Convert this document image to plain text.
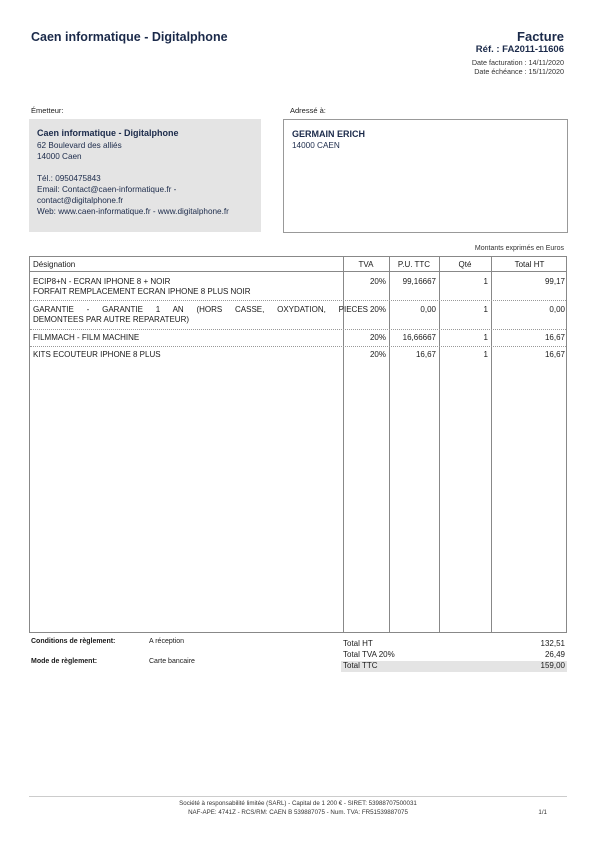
Caen informatique - Digitalphone	Facture
Réf. : FA2011-11606
Date facturation : 14/11/2020
Date échéance : 15/11/2020
Émetteur:	Adressé à:
Caen informatique - Digitalphone
62 Boulevard des alliés
14000 Caen
Tél.: 0950475843
Email: Contact@caen-informatique.fr -
contact@digitalphone.fr
Web: www.caen-informatique.fr - www.digitalphone.fr
GERMAIN ERICH
14000 CAEN
Montants exprimés en Euros
Désignation	TVA	P.U. TTC	Qté	Total HT
ECIP8+N - ECRAN IPHONE 8 + NOIR
FORFAIT REMPLACEMENT ECRAN IPHONE 8 PLUS NOIR
20%	99,16667	1	99,17
GARANTIE - GARANTIE 1 AN (HORS CASSE, OXYDATION, PIECES
DEMONTEES PAR AUTRE REPARATEUR)
20%	0,00	1	0,00
FILMMACH - FILM MACHINE	20%	16,66667	1	16,67
KITS ECOUTEUR IPHONE 8 PLUS	20%	16,67	1	16,67
Conditions de règlement:	A réception
Mode de règlement:	Carte bancaire
Total HT	132,51
Total TVA 20%	26,49
Total TTC	159,00
Société à responsabilité limitée (SARL) - Capital de 1 200 € - SIRET: 53988707500031
NAF-APE: 4741Z - RCS/RM: CAEN B 539887075 - Num. TVA: FR51539887075	1/1
